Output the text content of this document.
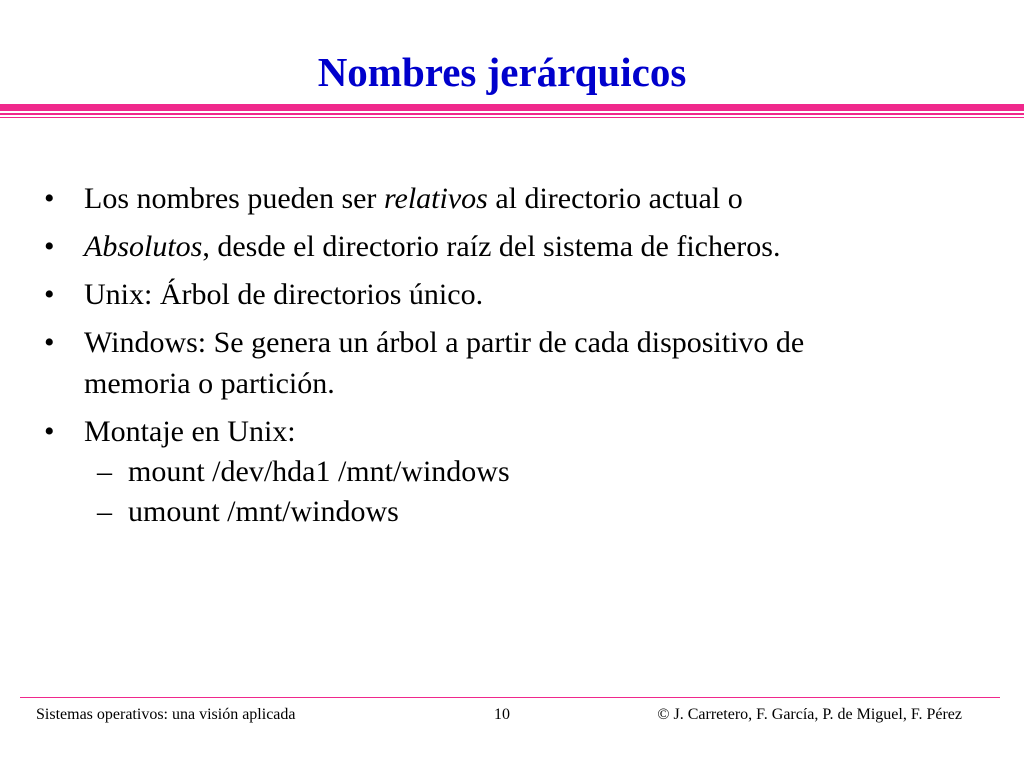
Nombres jerárquicos
• Los nombres pueden ser relativos al directorio actual o
• Absolutos, desde el directorio raíz del sistema de ficheros.
• Unix: Árbol de directorios único.
• Windows: Se genera un árbol a partir de cada dispositivo de
memoria o partición.
• Montaje en Unix:
– mount /dev/hda1 /mnt/windows
– umount /mnt/windows
Sistemas operativos: una visión aplicada	10	© J. Carretero, F. García, P. de Miguel, F. Pérez
